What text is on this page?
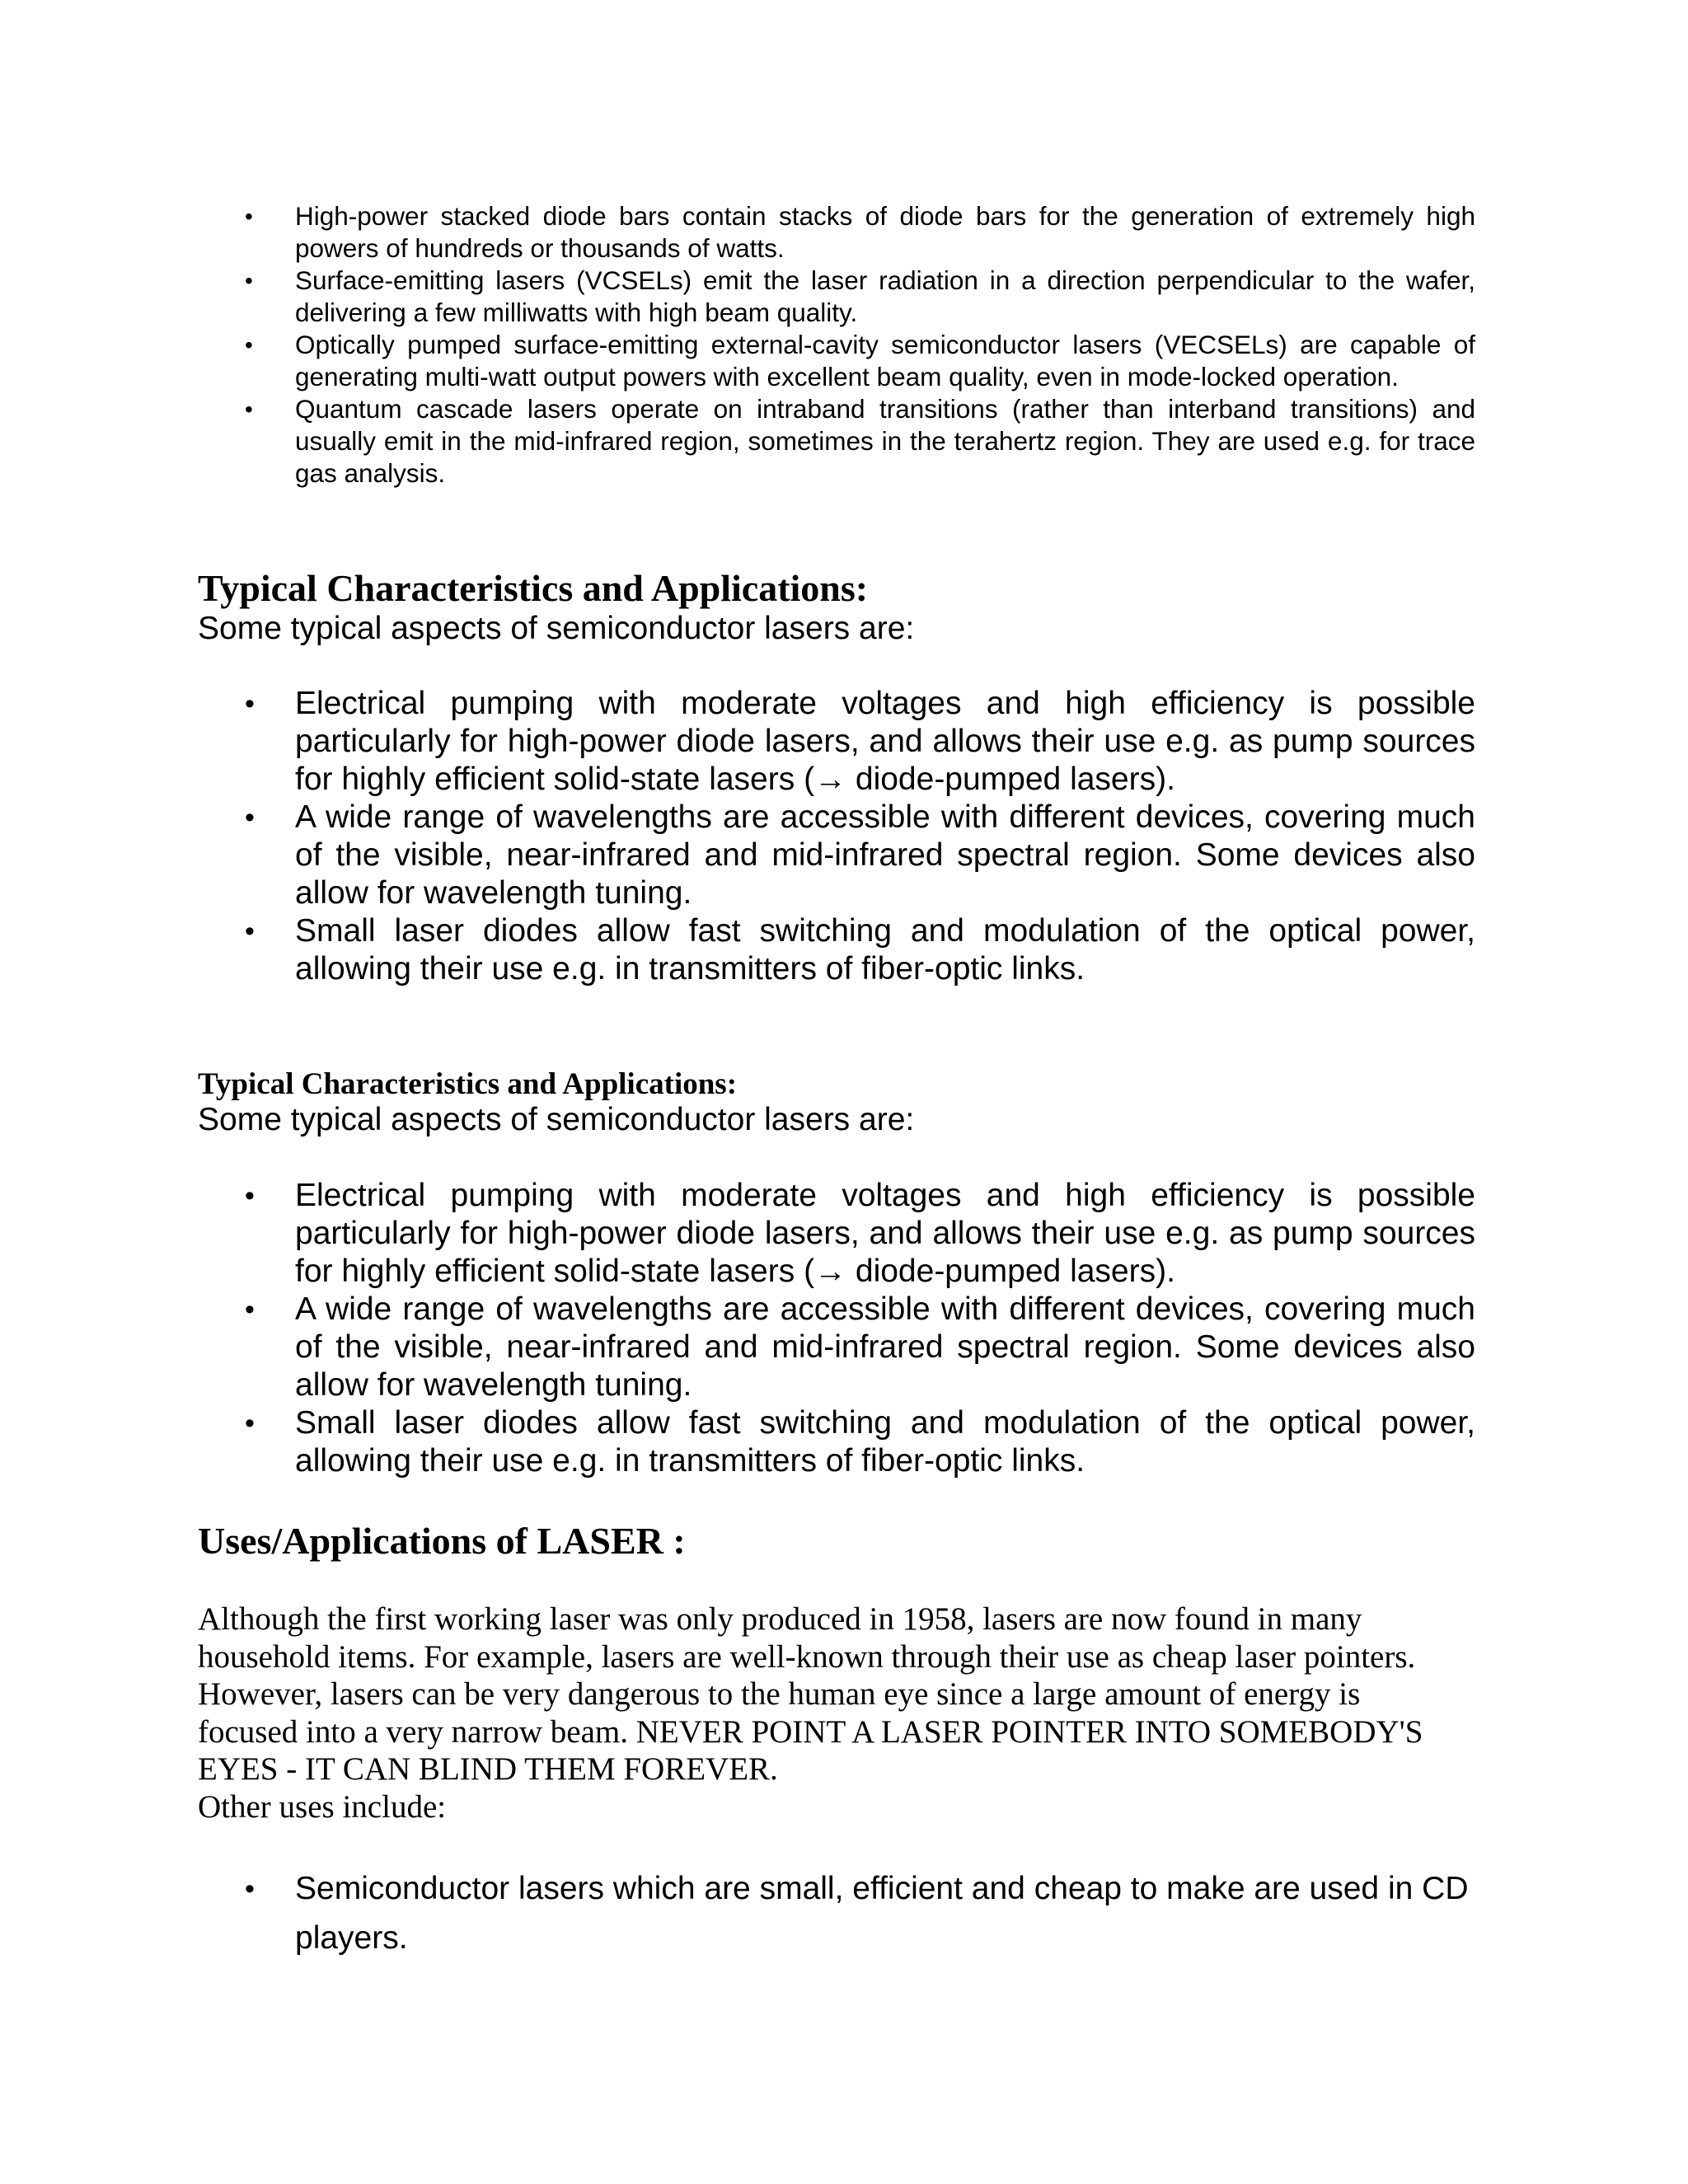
• High-power stacked diode bars contain stacks of diode bars for the generation of extremely high powers of hundreds or thousands of watts.
• Surface-emitting lasers (VCSELs) emit the laser radiation in a direction perpendicular to the wafer, delivering a few milliwatts with high beam quality.
• Optically pumped surface-emitting external-cavity semiconductor lasers (VECSELs) are capable of generating multi-watt output powers with excellent beam quality, even in mode-locked operation.
• Quantum cascade lasers operate on intraband transitions (rather than interband transitions) and usually emit in the mid-infrared region, sometimes in the terahertz region. They are used e.g. for trace gas analysis.
Typical Characteristics and Applications:

Some typical aspects of semiconductor lasers are:

• Electrical pumping with moderate voltages and high efficiency is possible particularly for high-power diode lasers, and allows their use e.g. as pump sources for highly efficient solid-state lasers (→ diode-pumped lasers).
• A wide range of wavelengths are accessible with different devices, covering much of the visible, near-infrared and mid-infrared spectral region. Some devices also allow for wavelength tuning.
• Small laser diodes allow fast switching and modulation of the optical power, allowing their use e.g. in transmitters of fiber-optic links.
Typical Characteristics and Applications:

Some typical aspects of semiconductor lasers are:

• Electrical pumping with moderate voltages and high efficiency is possible particularly for high-power diode lasers, and allows their use e.g. as pump sources for highly efficient solid-state lasers (→ diode-pumped lasers).
• A wide range of wavelengths are accessible with different devices, covering much of the visible, near-infrared and mid-infrared spectral region. Some devices also allow for wavelength tuning.
• Small laser diodes allow fast switching and modulation of the optical power, allowing their use e.g. in transmitters of fiber-optic links.
Uses/Applications of LASER :

Although the first working laser was only produced in 1958, lasers are now found in many
household items. For example, lasers are well-known through their use as cheap laser pointers.
However, lasers can be very dangerous to the human eye since a large amount of energy is
focused into a very narrow beam. NEVER POINT A LASER POINTER INTO SOMEBODY'S
EYES - IT CAN BLIND THEM FOREVER.
Other uses include:

• Semiconductor lasers which are small, efficient and cheap to make are used in CD players.
